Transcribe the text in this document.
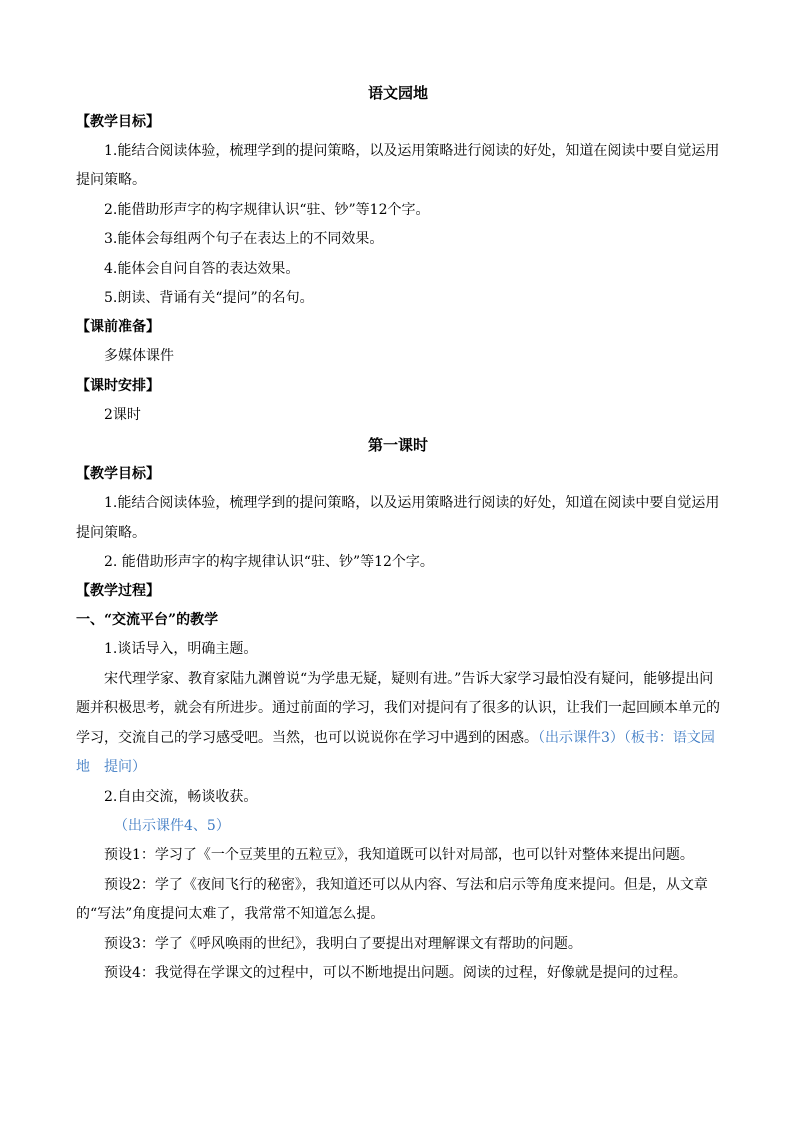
语文园地

【教学目标】

1.能结合阅读体验，梳理学到的提问策略，以及运用策略进行阅读的好处，知道在阅读中要自觉运用提问策略。

2.能借助形声字的构字规律认识“驻、钞”等12个字。

3.能体会每组两个句子在表达上的不同效果。

4.能体会自问自答的表达效果。

5.朗读、背诵有关“提问”的名句。

【课前准备】

多媒体课件

【课时安排】

2课时

第一课时

【教学目标】

1.能结合阅读体验，梳理学到的提问策略，以及运用策略进行阅读的好处，知道在阅读中要自觉运用提问策略。

2. 能借助形声字的构字规律认识“驻、钞”等12个字。

【教学过程】

一、“交流平台”的教学

1.谈话导入，明确主题。

宋代理学家、教育家陆九渊曾说“为学患无疑，疑则有进。”告诉大家学习最怕没有疑问，能够提出问题并积极思考，就会有所进步。通过前面的学习，我们对提问有了很多的认识，让我们一起回顾本单元的学习，交流自己的学习感受吧。当然，也可以说说你在学习中遇到的困惑。（出示课件3）（板书：语文园地　提问）

2.自由交流，畅谈收获。

（出示课件4、5）

预设1：学习了《一个豆荚里的五粒豆》，我知道既可以针对局部，也可以针对整体来提出问题。

预设2：学了《夜间飞行的秘密》，我知道还可以从内容、写法和启示等角度来提问。但是，从文章的“写法”角度提问太难了，我常常不知道怎么提。

预设3：学了《呼风唤雨的世纪》，我明白了要提出对理解课文有帮助的问题。

预设4：我觉得在学课文的过程中，可以不断地提出问题。阅读的过程，好像就是提问的过程。
